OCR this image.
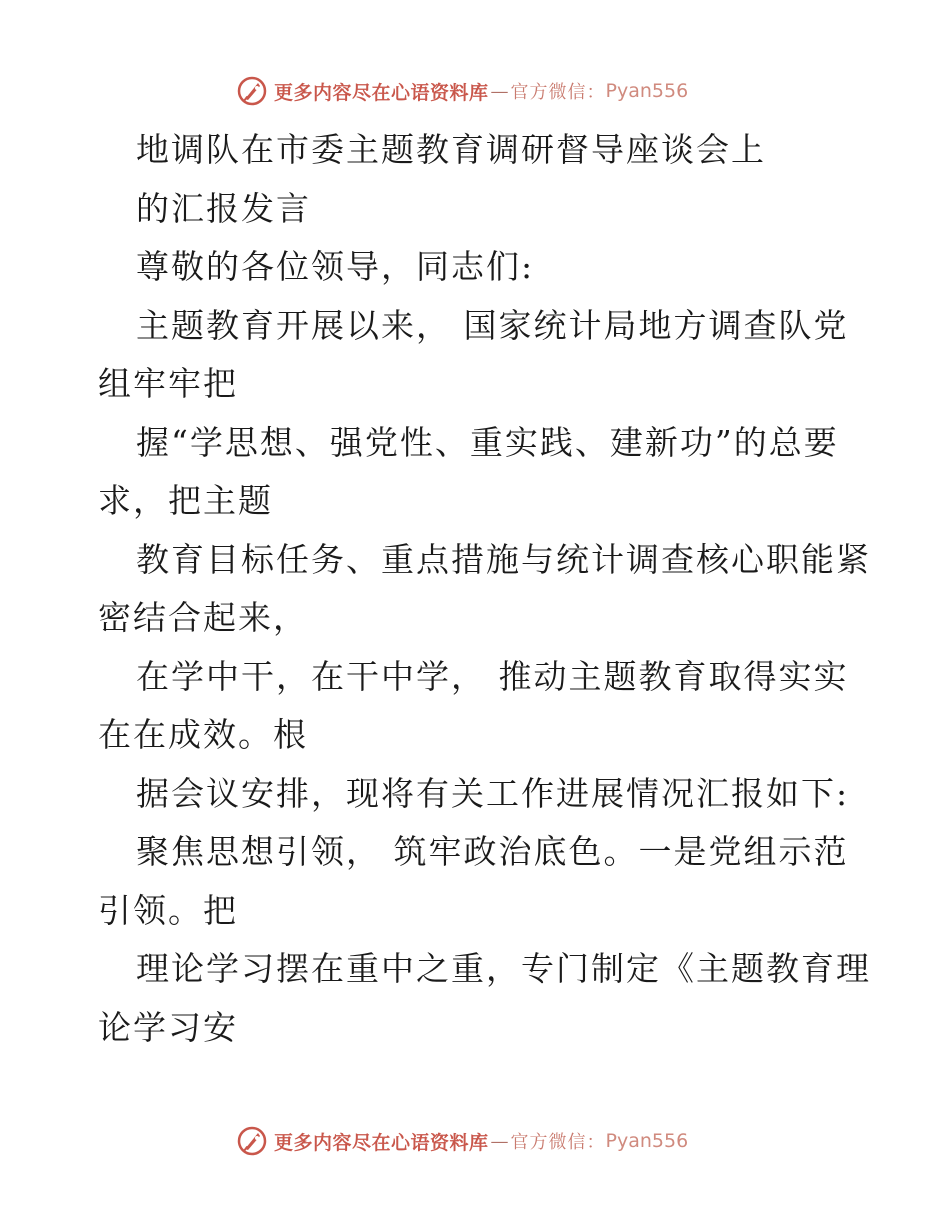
更多内容尽在心语资料库 — 官方微信： Pyan556
地调队在市委主题教育调研督导座谈会上
的汇报发言
尊敬的各位领导，同志们:
主题教育开展以来， 国家统计局地方调查队党
组牢牢把
握“学思想、强党性、重实践、建新功”的总要
求，把主题
教育目标任务、重点措施与统计调查核心职能紧
密结合起来，
在学中干，在干中学， 推动主题教育取得实实
在在成效。根
据会议安排，现将有关工作进展情况汇报如下:
聚焦思想引领， 筑牢政治底色。一是党组示范
引领。把
理论学习摆在重中之重，专门制定《主题教育理
论学习安
更多内容尽在心语资料库 — 官方微信： Pyan556
